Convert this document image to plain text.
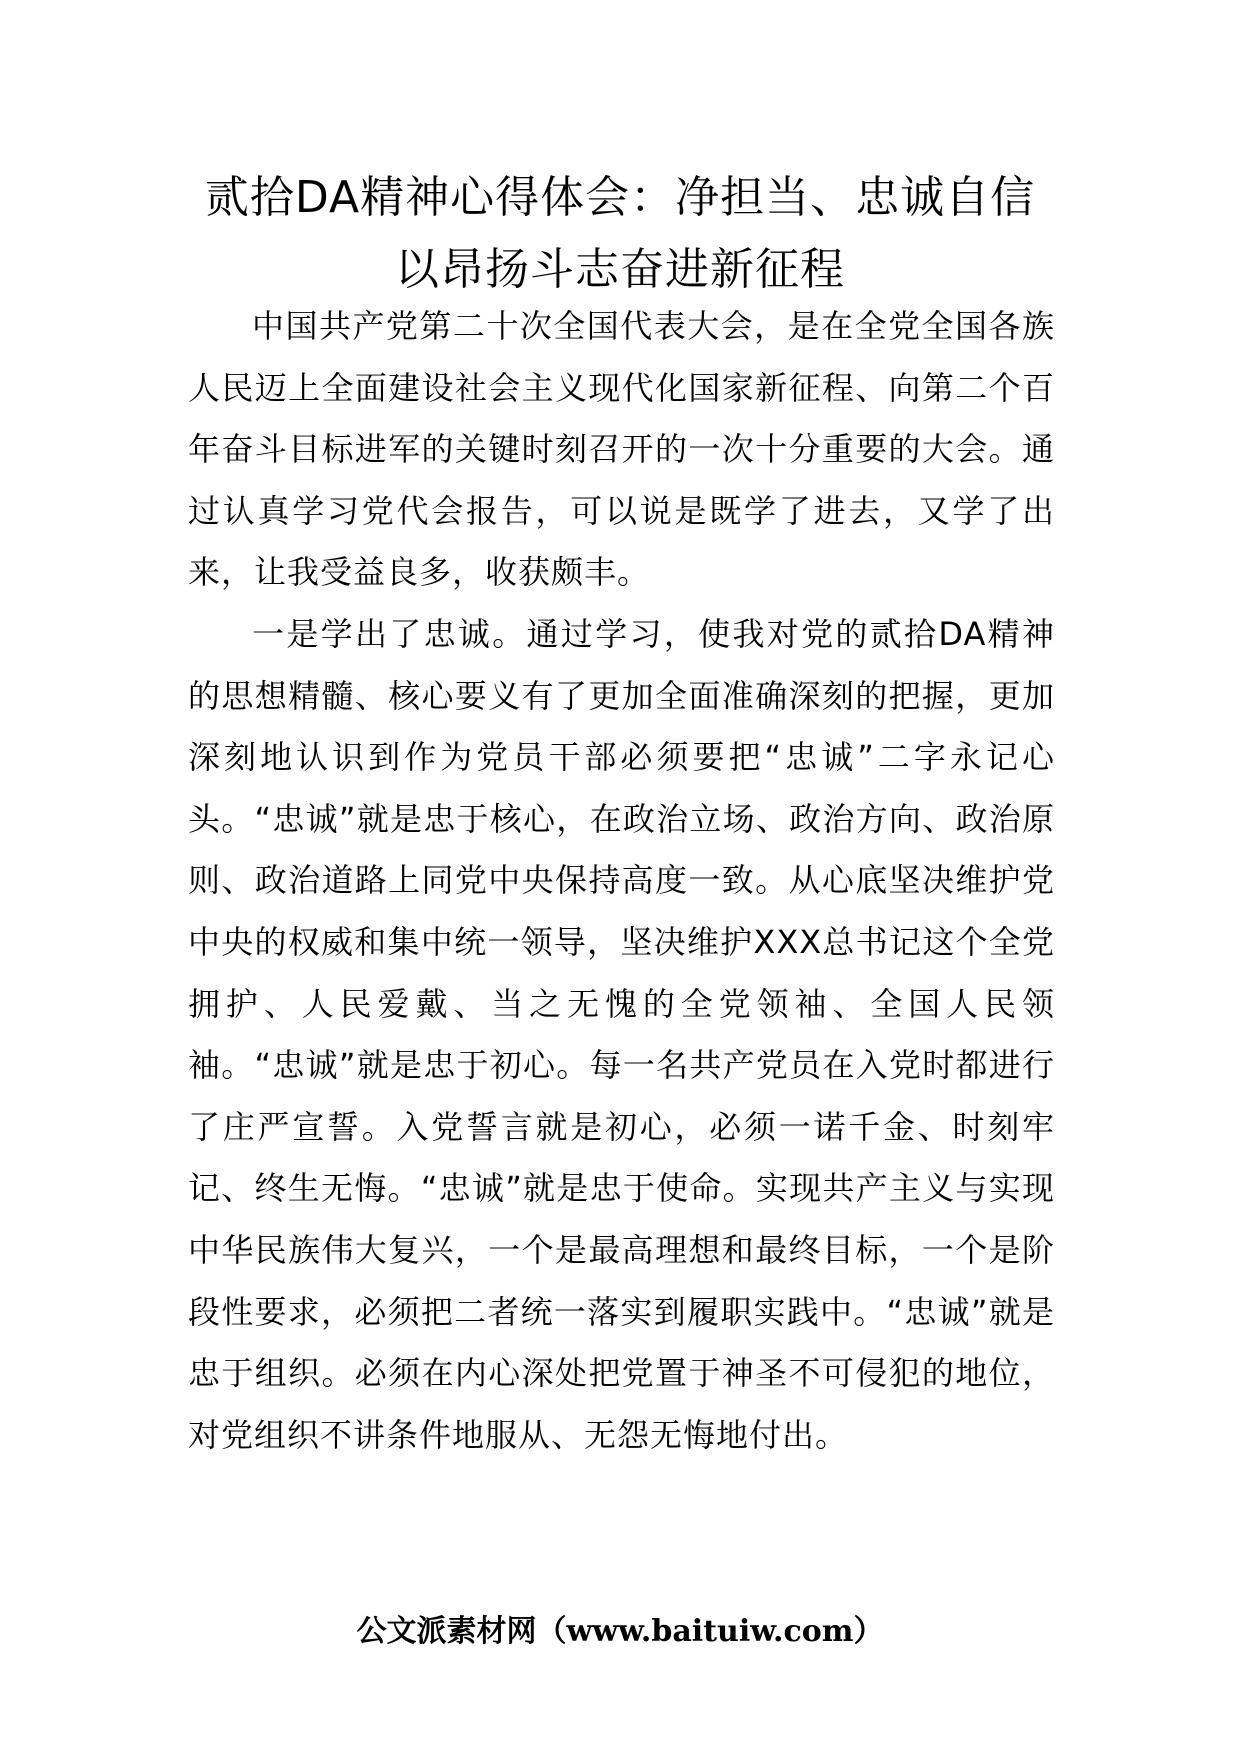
贰拾DA精神心得体会：净担当、忠诚自信
以昂扬斗志奋进新征程

中国共产党第二十次全国代表大会，是在全党全国各族人民迈上全面建设社会主义现代化国家新征程、向第二个百年奋斗目标进军的关键时刻召开的一次十分重要的大会。通过认真学习党代会报告，可以说是既学了进去，又学了出来，让我受益良多，收获颇丰。

一是学出了忠诚。通过学习，使我对党的贰拾DA精神的思想精髓、核心要义有了更加全面准确深刻的把握，更加深刻地认识到作为党员干部必须要把“忠诚”二字永记心头。“忠诚”就是忠于核心，在政治立场、政治方向、政治原则、政治道路上同党中央保持高度一致。从心底坚决维护党中央的权威和集中统一领导，坚决维护XXX总书记这个全党拥护、人民爱戴、当之无愧的全党领袖、全国人民领袖。“忠诚”就是忠于初心。每一名共产党员在入党时都进行了庄严宣誓。入党誓言就是初心，必须一诺千金、时刻牢记、终生无悔。“忠诚”就是忠于使命。实现共产主义与实现中华民族伟大复兴，一个是最高理想和最终目标，一个是阶段性要求，必须把二者统一落实到履职实践中。“忠诚”就是忠于组织。必须在内心深处把党置于神圣不可侵犯的地位，对党组织不讲条件地服从、无怨无悔地付出。

公文派素材网（www.baituiw.com）
